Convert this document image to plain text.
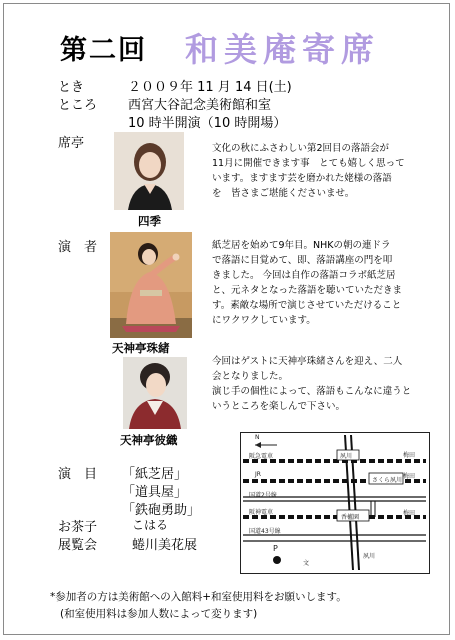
第二回 和美庵寄席
とき	２００９年 11 月 14 日(土)
ところ 西宮大谷記念美術館和室
10 時半開演（10 時開場）
席亭
四季
文化の秋にふさわしい第2回目の落語会が
11月に開催できます事　とても嬉しく思って
います。ますます芸を磨かれた姥様の落語
を　皆さまご堪能くださいませ。
演　者
天神亭珠緒
紙芝居を始めて9年目。NHKの朝の連ドラ
で落語に目覚めて、即、落語講座の門を叩
きました。 今回は自作の落語コラボ紙芝居
と、元ネタとなった落語を聴いていただきま
す。素敵な場所で演じさせていただけること
にワクワクしています。
天神亭彼織
今回はゲストに天神亭珠緒さんを迎え、二人
会となりました。
演じ手の個性によって、落語もこんなに違うと
いうところを楽しんで下さい。
演　目 「紙芝居」
「道具屋」
「鉄砲勇助」
お茶子	こはる
展覧会	蜷川美花展
N
夙川	梅田
阪急電車
JR	梅田
さくら夙川
国道2号線
阪神電車
香櫨園
梅田
国道43号線
P
文
夙川
*参加者の方は美術館への入館料+和室使用料をお願いします。
(和室使用料は参加人数によって変ります)
